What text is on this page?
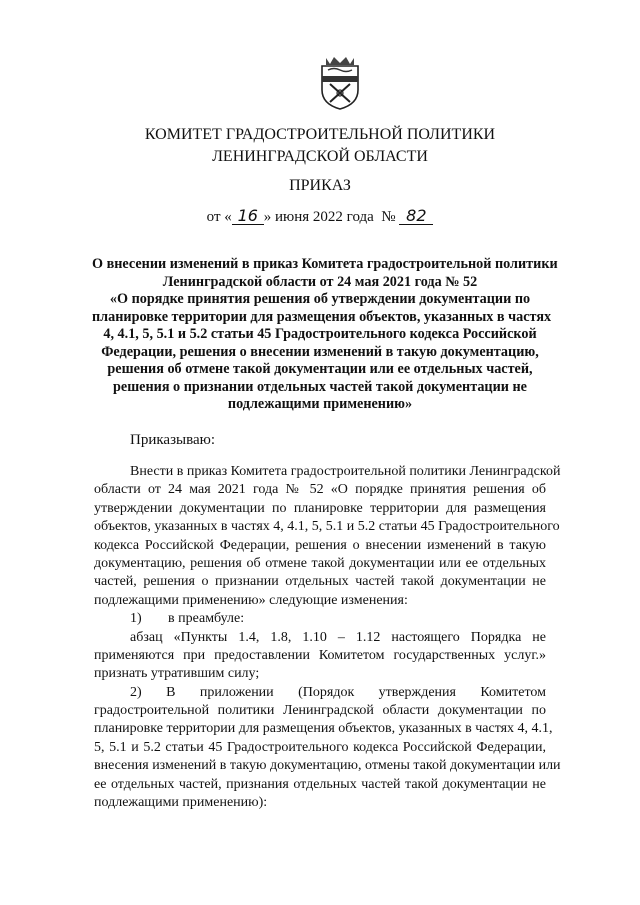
КОМИТЕТ ГРАДОСТРОИТЕЛЬНОЙ ПОЛИТИКИ
ЛЕНИНГРАДСКОЙ ОБЛАСТИ
ПРИКАЗ
от « 16 » июня 2022 года № 82
О внесении изменений в приказ Комитета градостроительной политики
Ленинградской области от 24 мая 2021 года № 52
«О порядке принятия решения об утверждении документации по
планировке территории для размещения объектов, указанных в частях
4, 4.1, 5, 5.1 и 5.2 статьи 45 Градостроительного кодекса Российской
Федерации, решения о внесении изменений в такую документацию,
решения об отмене такой документации или ее отдельных частей,
решения о признании отдельных частей такой документации не
подлежащими применению»
Приказываю:
Внести в приказ Комитета градостроительной политики Ленинградской
области от 24 мая 2021 года № 52 «О порядке принятия решения об
утверждении документации по планировке территории для размещения
объектов, указанных в частях 4, 4.1, 5, 5.1 и 5.2 статьи 45 Градостроительного
кодекса Российской Федерации, решения о внесении изменений в такую
документацию, решения об отмене такой документации или ее отдельных
частей, решения о признании отдельных частей такой документации не
подлежащими применению» следующие изменения:
1) в преамбуле:
абзац «Пункты 1.4, 1.8, 1.10 – 1.12 настоящего Порядка не
применяются при предоставлении Комитетом государственных услуг.»
признать утратившим силу;
2) В приложении (Порядок утверждения Комитетом
градостроительной политики Ленинградской области документации по
планировке территории для размещения объектов, указанных в частях 4, 4.1,
5, 5.1 и 5.2 статьи 45 Градостроительного кодекса Российской Федерации,
внесения изменений в такую документацию, отмены такой документации или
ее отдельных частей, признания отдельных частей такой документации не
подлежащими применению):
